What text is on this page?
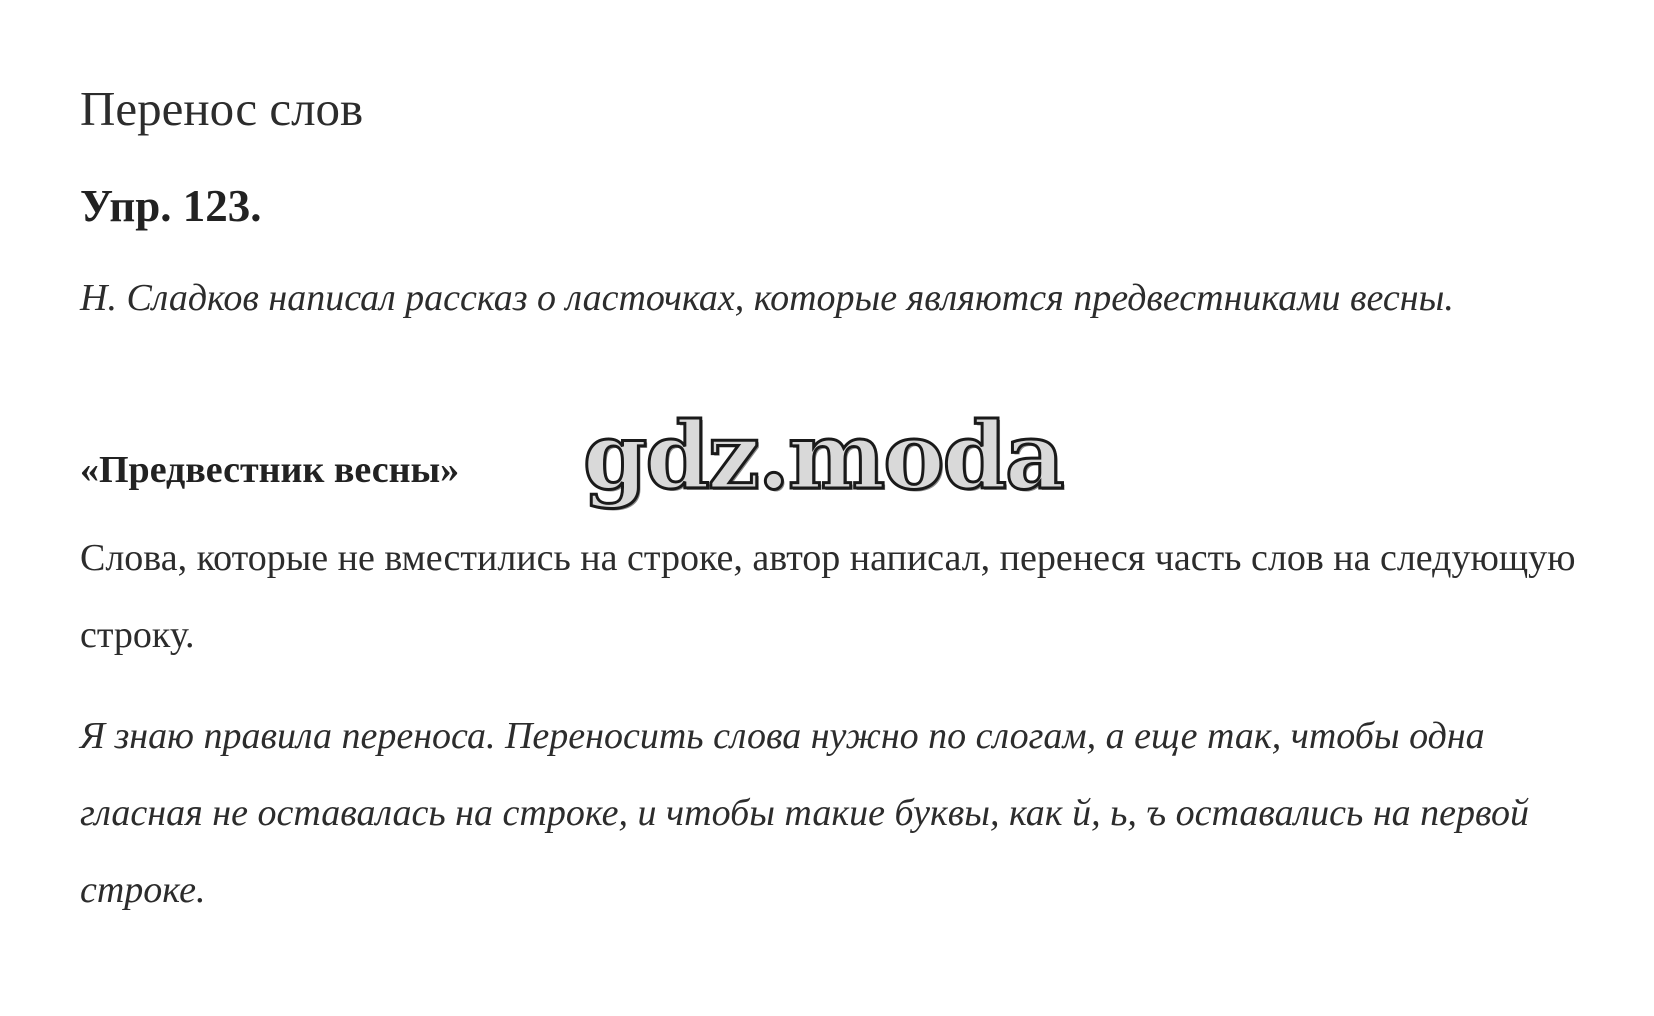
Перенос слов
Упр. 123.
Н. Сладков написал рассказ о ласточках, которые являются предвестниками весны.
«Предвестник весны»
Слова, которые не вместились на строке, автор написал, перенеся часть слов на следующую строку.
Я знаю правила переноса. Переносить слова нужно по слогам, а еще так, чтобы одна гласная не оставалась на строке, и чтобы такие буквы, как й, ь, ъ оставались на первой строке.
gdz.moda
